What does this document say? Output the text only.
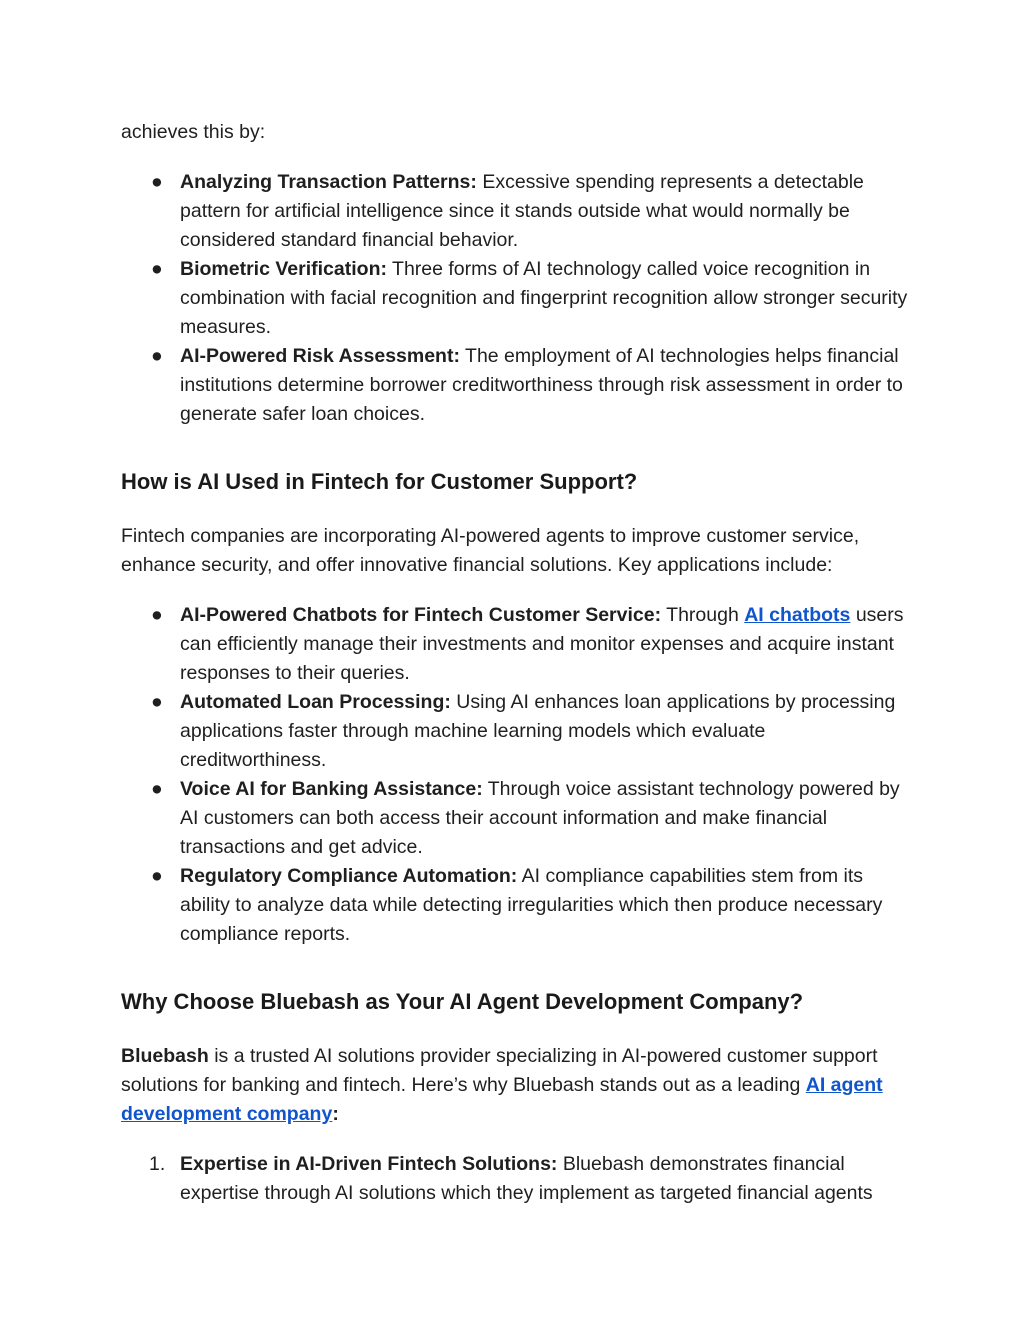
achieves this by:

● Analyzing Transaction Patterns: Excessive spending represents a detectable pattern for artificial intelligence since it stands outside what would normally be considered standard financial behavior.
● Biometric Verification: Three forms of AI technology called voice recognition in combination with facial recognition and fingerprint recognition allow stronger security measures.
● AI-Powered Risk Assessment: The employment of AI technologies helps financial institutions determine borrower creditworthiness through risk assessment in order to generate safer loan choices.
How is AI Used in Fintech for Customer Support?

Fintech companies are incorporating AI-powered agents to improve customer service, enhance security, and offer innovative financial solutions. Key applications include:

● AI-Powered Chatbots for Fintech Customer Service: Through AI chatbots users can efficiently manage their investments and monitor expenses and acquire instant responses to their queries.
● Automated Loan Processing: Using AI enhances loan applications by processing applications faster through machine learning models which evaluate creditworthiness.
● Voice AI for Banking Assistance: Through voice assistant technology powered by AI customers can both access their account information and make financial transactions and get advice.
● Regulatory Compliance Automation: AI compliance capabilities stem from its ability to analyze data while detecting irregularities which then produce necessary compliance reports.
Why Choose Bluebash as Your AI Agent Development Company?

Bluebash is a trusted AI solutions provider specializing in AI-powered customer support solutions for banking and fintech. Here’s why Bluebash stands out as a leading AI agent development company:

1. Expertise in AI-Driven Fintech Solutions: Bluebash demonstrates financial expertise through AI solutions which they implement as targeted financial agents
